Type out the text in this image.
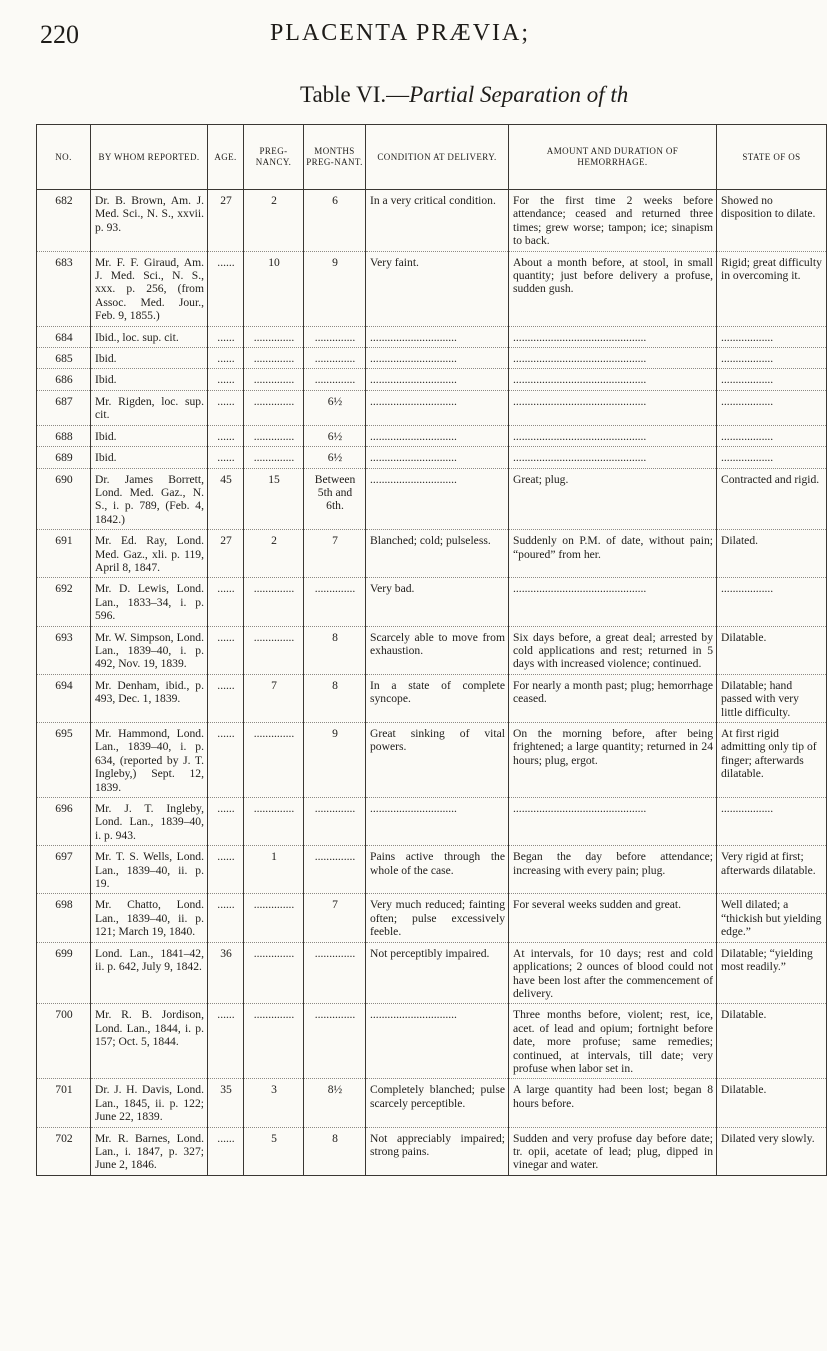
220	PLACENTA PRÆVIA;
Table VI.—Partial Separation of th
NO.	BY WHOM REPORTED.	AGE.	PREG-NANCY.	MONTHS PREG-NANT.	CONDITION AT DELIVERY.	AMOUNT AND DURATION OF HEMORRHAGE.	STATE OF OS
682	Dr. B. Brown, Am. J. Med. Sci., N. S., xxvii. p. 93.	27	2	6	In a very critical condition.	For the first time 2 weeks before attendance; ceased and returned three times; grew worse; tampon; ice; sinapism to back.	Showed no disposition to dilate.
683	Mr. F. F. Giraud, Am. J. Med. Sci., N. S., xxx. p. 256, (from Assoc. Med. Jour., Feb. 9, 1855.)	......	10	9	Very faint.	About a month before, at stool, in small quantity; just before delivery a profuse, sudden gush.	Rigid; great difficulty in overcoming it.
684	Ibid., loc. sup. cit.	......	..............	..............	..............................	..............................................	..................
685	Ibid.	......	..............	..............	..............................	..............................................	..................
686	Ibid.	......	..............	..............	..............................	..............................................	..................
687	Mr. Rigden, loc. sup. cit.	......	..............	6½	..............................	..............................................	..................
688	Ibid.	......	..............	6½	..............................	..............................................	..................
689	Ibid.	......	..............	6½	..............................	..............................................	..................
690	Dr. James Borrett, Lond. Med. Gaz., N. S., i. p. 789, (Feb. 4, 1842.)	45	15	Between 5th and 6th.	..............................	Great; plug.	Contracted and rigid.
691	Mr. Ed. Ray, Lond. Med. Gaz., xli. p. 119, April 8, 1847.	27	2	7	Blanched; cold; pulseless.	Suddenly on P.M. of date, without pain; “poured” from her.	Dilated.
692	Mr. D. Lewis, Lond. Lan., 1833–34, i. p. 596.	......	..............	..............	Very bad.	..............................................	..................
693	Mr. W. Simpson, Lond. Lan., 1839–40, i. p. 492, Nov. 19, 1839.	......	..............	8	Scarcely able to move from exhaustion.	Six days before, a great deal; arrested by cold applications and rest; returned in 5 days with increased violence; continued.	Dilatable.
694	Mr. Denham, ibid., p. 493, Dec. 1, 1839.	......	7	8	In a state of complete syncope.	For nearly a month past; plug; hemorrhage ceased.	Dilatable; hand passed with very little difficulty.
695	Mr. Hammond, Lond. Lan., 1839–40, i. p. 634, (reported by J. T. Ingleby,) Sept. 12, 1839.	......	..............	9	Great sinking of vital powers.	On the morning before, after being frightened; a large quantity; returned in 24 hours; plug, ergot.	At first rigid admitting only tip of finger; afterwards dilatable.
696	Mr. J. T. Ingleby, Lond. Lan., 1839–40, i. p. 943.	......	..............	..............	..............................	..............................................	..................
697	Mr. T. S. Wells, Lond. Lan., 1839–40, ii. p. 19.	......	1	..............	Pains active through the whole of the case.	Began the day before attendance; increasing with every pain; plug.	Very rigid at first; afterwards dilatable.
698	Mr. Chatto, Lond. Lan., 1839–40, ii. p. 121; March 19, 1840.	......	..............	7	Very much reduced; fainting often; pulse excessively feeble.	For several weeks sudden and great.	Well dilated; a “thickish but yielding edge.”
699	Lond. Lan., 1841–42, ii. p. 642, July 9, 1842.	36	..............	..............	Not perceptibly impaired.	At intervals, for 10 days; rest and cold applications; 2 ounces of blood could not have been lost after the commencement of delivery.	Dilatable; “yielding most readily.”
700	Mr. R. B. Jordison, Lond. Lan., 1844, i. p. 157; Oct. 5, 1844.	......	..............	..............	..............................	Three months before, violent; rest, ice, acet. of lead and opium; fortnight before date, more profuse; same remedies; continued, at intervals, till date; very profuse when labor set in.	Dilatable.
701	Dr. J. H. Davis, Lond. Lan., 1845, ii. p. 122; June 22, 1839.	35	3	8½	Completely blanched; pulse scarcely perceptible.	A large quantity had been lost; began 8 hours before.	Dilatable.
702	Mr. R. Barnes, Lond. Lan., i. 1847, p. 327; June 2, 1846.	......	5	8	Not appreciably impaired; strong pains.	Sudden and very profuse day before date; tr. opii, acetate of lead; plug, dipped in vinegar and water.	Dilated very slowly.
